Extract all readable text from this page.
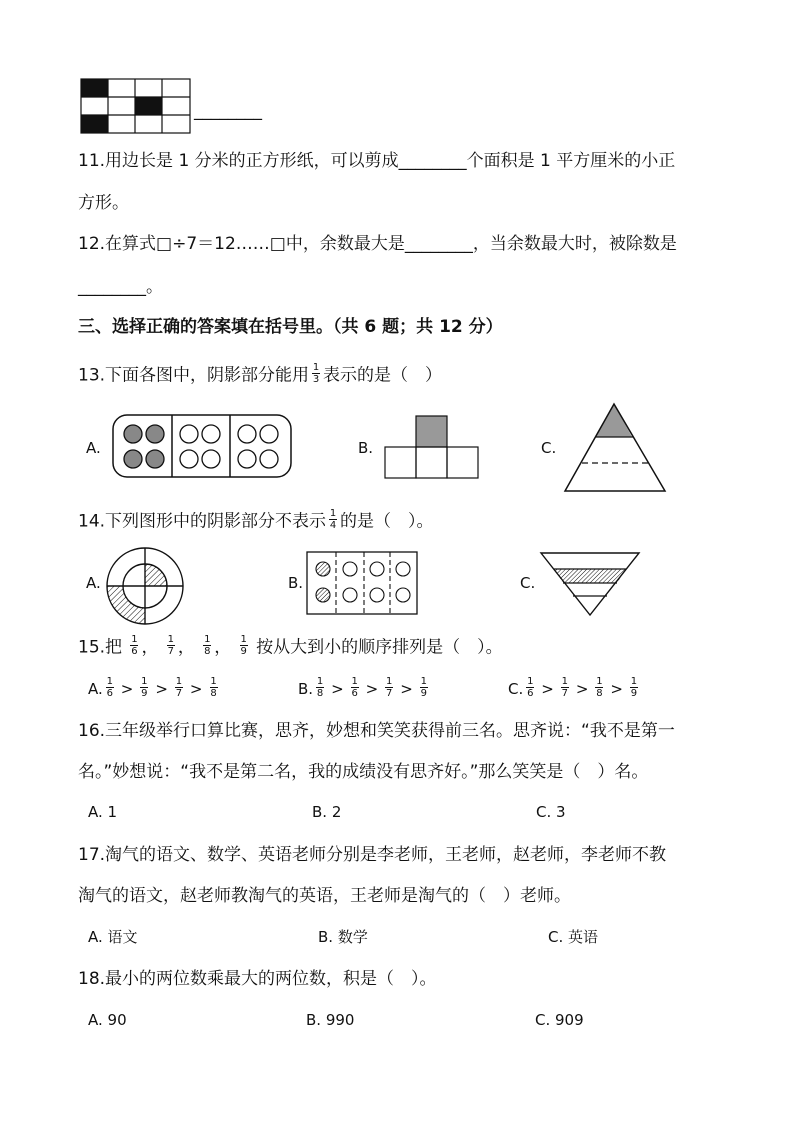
________
11.用边长是 1 分米的正方形纸，可以剪成________个面积是 1 平方厘米的小正
方形。
12.在算式□÷7＝12……□中，余数最大是________，当余数最大时，被除数是
________。
三、选择正确的答案填在括号里。（共 6 题；共 12 分）
13.下面各图中，阴影部分能用 $\frac{1}{3}$ 表示的是（　）
A.	B.	C.
14.下列图形中的阴影部分不表示 $\frac{1}{4}$ 的是（　）。
A.	B.	C.
15.把 $\frac{1}{6}$ ， $\frac{1}{7}$ ， $\frac{1}{8}$ ， $\frac{1}{9}$ 按从大到小的顺序排列是（　）。
A. $\frac{1}{6} > \frac{1}{9} > \frac{1}{7} > \frac{1}{8}$	B. $\frac{1}{8} > \frac{1}{6} > \frac{1}{7} > \frac{1}{9}$	C. $\frac{1}{6} > \frac{1}{7} > \frac{1}{8} > \frac{1}{9}$
16.三年级举行口算比赛，思齐，妙想和笑笑获得前三名。思齐说：“我不是第一
名。”妙想说：“我不是第二名，我的成绩没有思齐好。”那么笑笑是（　）名。
A. 1	B. 2	C. 3
17.淘气的语文、数学、英语老师分别是李老师，王老师，赵老师，李老师不教
淘气的语文，赵老师教淘气的英语，王老师是淘气的（　）老师。
A. 语文	B. 数学	C. 英语
18.最小的两位数乘最大的两位数，积是（　）。
A. 90	B. 990	C. 909
